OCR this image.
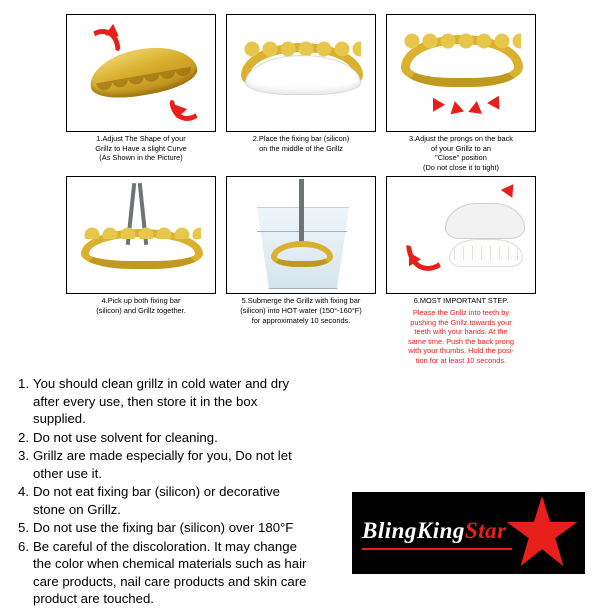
1.Adjust The Shape of your
Grillz to Have a slight Curve
(As Shown in the Picture)
2.Place the fixing bar (silicon)
on the middle of the Grillz
3.Adjust the prongs on the back
of your Grillz to an
"Close" position
(Do not close it to tight)
4.Pick up both fixing bar
(silicon) and Grillz together.
5.Submerge the Grillz with fixing bar
(silicon) into HOT water (150°-160°F)
for approximately 10 seconds.
6.MOST IMPORTANT STEP.
Please the Grillz into teeth by
pushing the Grillz towards your
teeth with your hands. At the
same time. Push the back prong
with your thumbs. Hold the posi-
tion for at least 10 seconds.
1. You should clean grillz in cold water and dry after every use, then store it in the box supplied.
2. Do not use solvent for cleaning.
3. Grillz are made especially for you, Do not let other use it.
4. Do not eat fixing bar (silicon) or decorative stone on Grillz.
5. Do not use the fixing bar (silicon) over 180°F
6. Be careful of the discoloration. It may change the color when chemical materials such as hair care products, nail care products and skin care product are touched.
BlingKingStar
